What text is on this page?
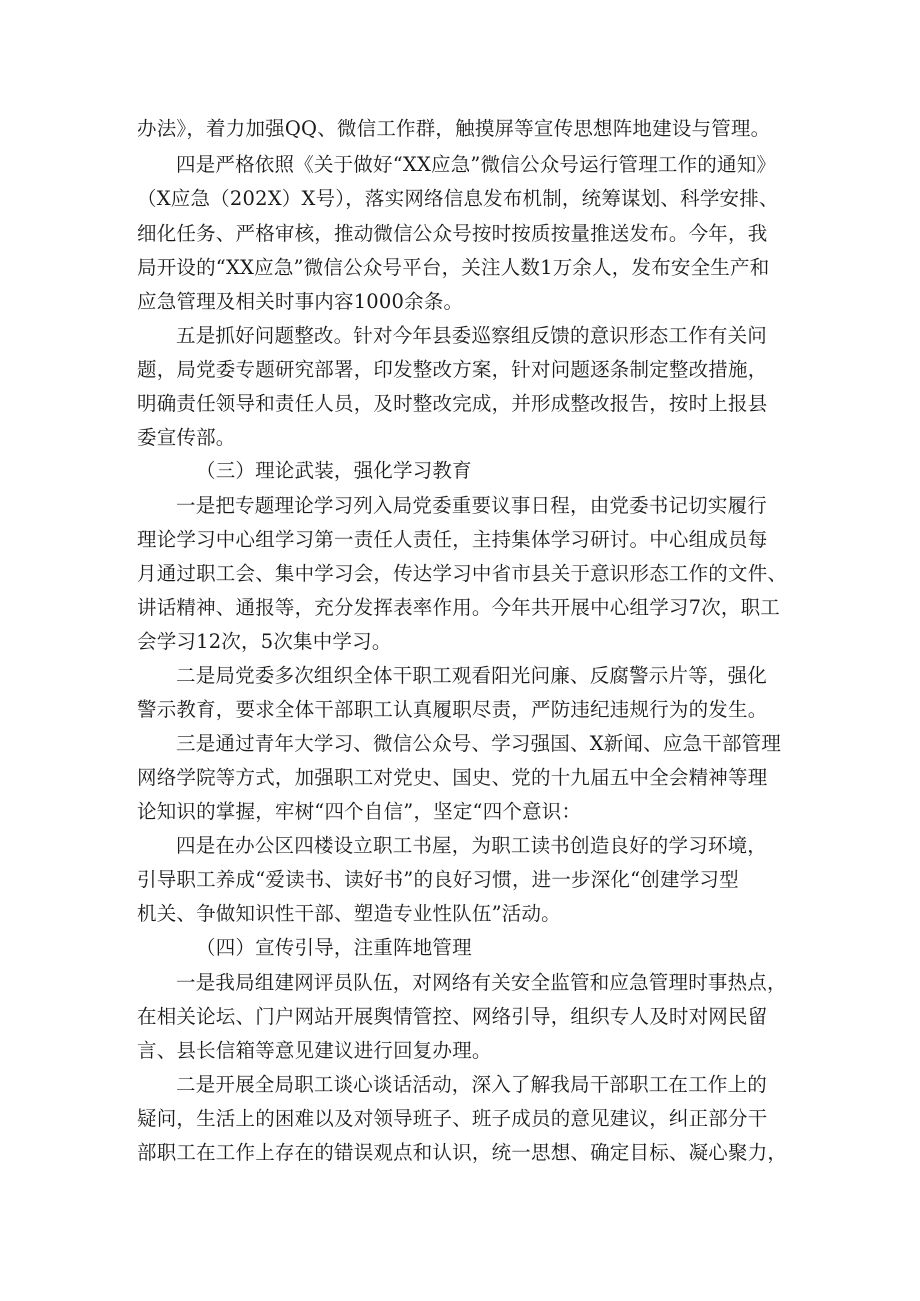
办法》，着力加强QQ、微信工作群，触摸屏等宣传思想阵地建设与管理。
四是严格依照《关于做好“XX应急”微信公众号运行管理工作的通知》
（X应急（202X）X号），落实网络信息发布机制，统筹谋划、科学安排、
细化任务、严格审核，推动微信公众号按时按质按量推送发布。今年，我
局开设的“XX应急”微信公众号平台，关注人数1万余人，发布安全生产和
应急管理及相关时事内容1000余条。
五是抓好问题整改。针对今年县委巡察组反馈的意识形态工作有关问
题，局党委专题研究部署，印发整改方案，针对问题逐条制定整改措施，
明确责任领导和责任人员，及时整改完成，并形成整改报告，按时上报县
委宣传部。
（三）理论武装，强化学习教育
一是把专题理论学习列入局党委重要议事日程，由党委书记切实履行
理论学习中心组学习第一责任人责任，主持集体学习研讨。中心组成员每
月通过职工会、集中学习会，传达学习中省市县关于意识形态工作的文件、
讲话精神、通报等，充分发挥表率作用。今年共开展中心组学习7次，职工
会学习12次，5次集中学习。
二是局党委多次组织全体干职工观看阳光问廉、反腐警示片等，强化
警示教育，要求全体干部职工认真履职尽责，严防违纪违规行为的发生。
三是通过青年大学习、微信公众号、学习强国、X新闻、应急干部管理
网络学院等方式，加强职工对党史、国史、党的十九届五中全会精神等理
论知识的掌握，牢树“四个自信”，坚定“四个意识：
四是在办公区四楼设立职工书屋，为职工读书创造良好的学习环境，
引导职工养成“爱读书、读好书”的良好习惯，进一步深化“创建学习型
机关、争做知识性干部、塑造专业性队伍”活动。
（四）宣传引导，注重阵地管理
一是我局组建网评员队伍，对网络有关安全监管和应急管理时事热点，
在相关论坛、门户网站开展舆情管控、网络引导，组织专人及时对网民留
言、县长信箱等意见建议进行回复办理。
二是开展全局职工谈心谈话活动，深入了解我局干部职工在工作上的
疑问，生活上的困难以及对领导班子、班子成员的意见建议，纠正部分干
部职工在工作上存在的错误观点和认识，统一思想、确定目标、凝心聚力，
